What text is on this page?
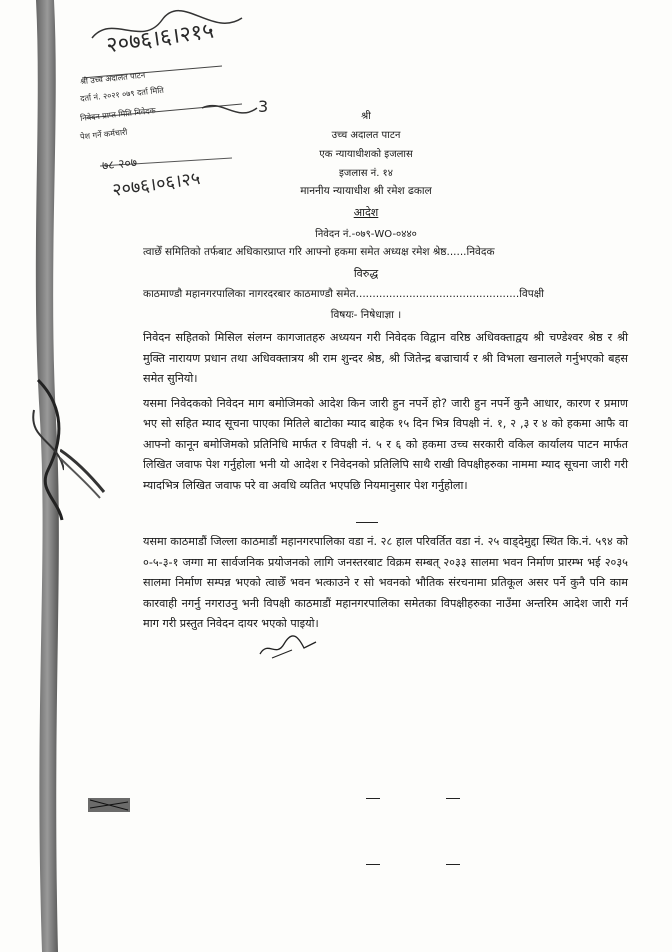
२०७६।६।२१५
श्री उच्च अदालत पाटन
दर्ता नं. २०२१ ०७९ दर्ता मिति
निवेदन प्राप्त मिति निवेदक
पेश गर्ने कर्मचारी
3
७८ २०७
२०७६।०६।२५
श्री
उच्च अदालत पाटन
एक न्यायाधीशको इजलास
इजलास नं. १४
माननीय न्यायाधीश श्री रमेश ढकाल
आदेश
निवेदन नं.-०७९-WO-०४४०
त्वाछेँ समितिको तर्फबाट अधिकारप्राप्त गरि आफ्नो हकमा समेत अध्यक्ष रमेश श्रेष्ठ......निवेदक
विरुद्ध
काठमाण्डौ महानगरपालिका नागरदरबार काठमाण्डौ समेत.................................................विपक्षी
विषयः- निषेधाज्ञा ।

निवेदन सहितको मिसिल संलग्न कागजातहरु अध्ययन गरी निवेदक विद्वान वरिष्ठ अधिवक्ताद्वय श्री चण्डेश्वर श्रेष्ठ र श्री मुक्ति नारायण प्रधान तथा अधिवक्तात्रय श्री राम शुन्दर श्रेष्ठ, श्री जितेन्द्र बज्राचार्य र श्री विभला खनालले गर्नुभएको बहस समेत सुनियो।

यसमा निवेदकको निवेदन माग बमोजिमको आदेश किन जारी हुन नपर्ने हो? जारी हुन नपर्ने कुनै आधार, कारण र प्रमाण भए सो सहित म्याद सूचना पाएका मितिले बाटोका म्याद बाहेक १५ दिन भित्र विपक्षी नं. १, २ ,३ र ४ को हकमा आफै वा आफ्नो कानून बमोजिमको प्रतिनिधि मार्फत र विपक्षी नं. ५ र ६ को हकमा उच्च सरकारी वकिल कार्यालय पाटन मार्फत लिखित जवाफ पेश गर्नुहोला भनी यो आदेश र निवेदनको प्रतिलिपि साथै राखी विपक्षीहरुका नाममा म्याद सूचना जारी गरी म्यादभित्र लिखित जवाफ परे वा अवधि व्यतित भएपछि नियमानुसार पेश गर्नुहोला।

यसमा काठमाडौं जिल्ला काठमाडौं महानगरपालिका वडा नं. २८ हाल परिवर्तित वडा नं. २५ वाड्देमुद्दा स्थित कि.नं. ५९४ को ०-५-३-१ जग्गा मा सार्वजनिक प्रयोजनको लागि जनस्तरबाट विक्रम सम्बत् २०३३ सालमा भवन निर्माण प्रारम्भ भई २०३५ सालमा निर्माण सम्पन्न भएको त्वाछेँ भवन भत्काउने र सो भवनको भौतिक संरचनामा प्रतिकूल असर पर्ने कुनै पनि काम कारवाही नगर्नु नगराउनु भनी विपक्षी काठमाडौं महानगरपालिका समेतका विपक्षीहरुका नाउँमा अन्तरिम आदेश जारी गर्न माग गरी प्रस्तुत निवेदन दायर भएको पाइयो।
